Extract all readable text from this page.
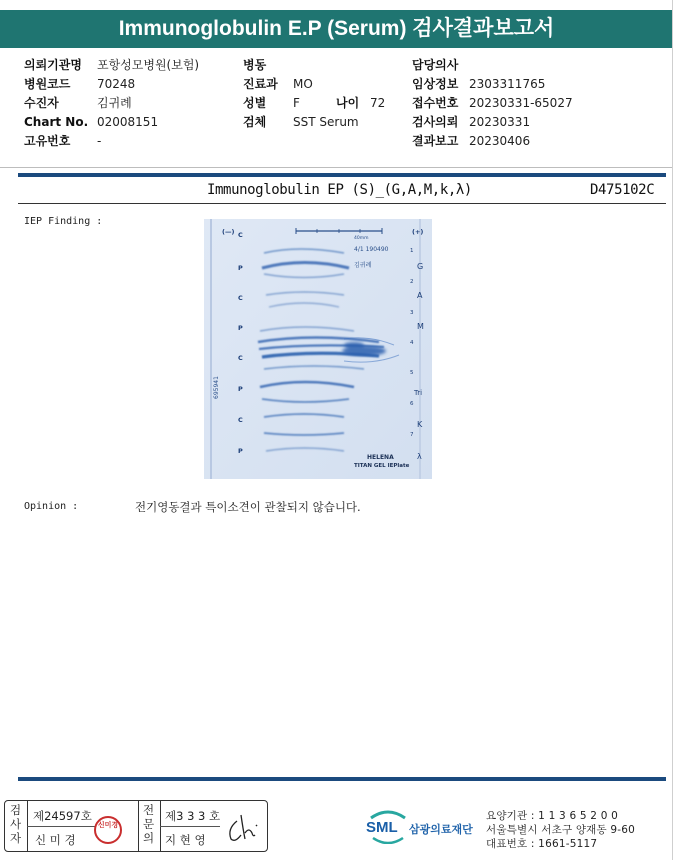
Immunoglobulin E.P (Serum) 검사결과보고서
의뢰기관명 포항성모병원(보험)
병원코드 70248
수진자	김귀례
Chart No. 02008151
고유번호 -
병동
진료과 MO
성별 F	나이 72
검체 SST Serum
담당의사
임상정보 2303311765
접수번호 20230331-65027
검사의뢰 20230331
결과보고 20230406
Immunoglobulin EP (S)_(G,A,M,k,λ)	D475102C
IEP Finding :
(—) C
P
C
P
C
P
C
P
(+)
1
G
2
A
3
M
4
5
Tri
6
K
7
λ
40mm
4/1 190490
김귀례
695941
HELENA
TITAN GEL IEPlate
Opinion :	전기영동결과 특이소견이 관찰되지 않습니다.
검사자
제24597호
신 미 경
전문의
제3 3 3 호
지 현 영
신미경	SML 삼광의료재단
요양기관 : 1 1 3 6 5 2 0 0
서울특별시 서초구 양재동 9-60
대표번호 : 1661-5117
